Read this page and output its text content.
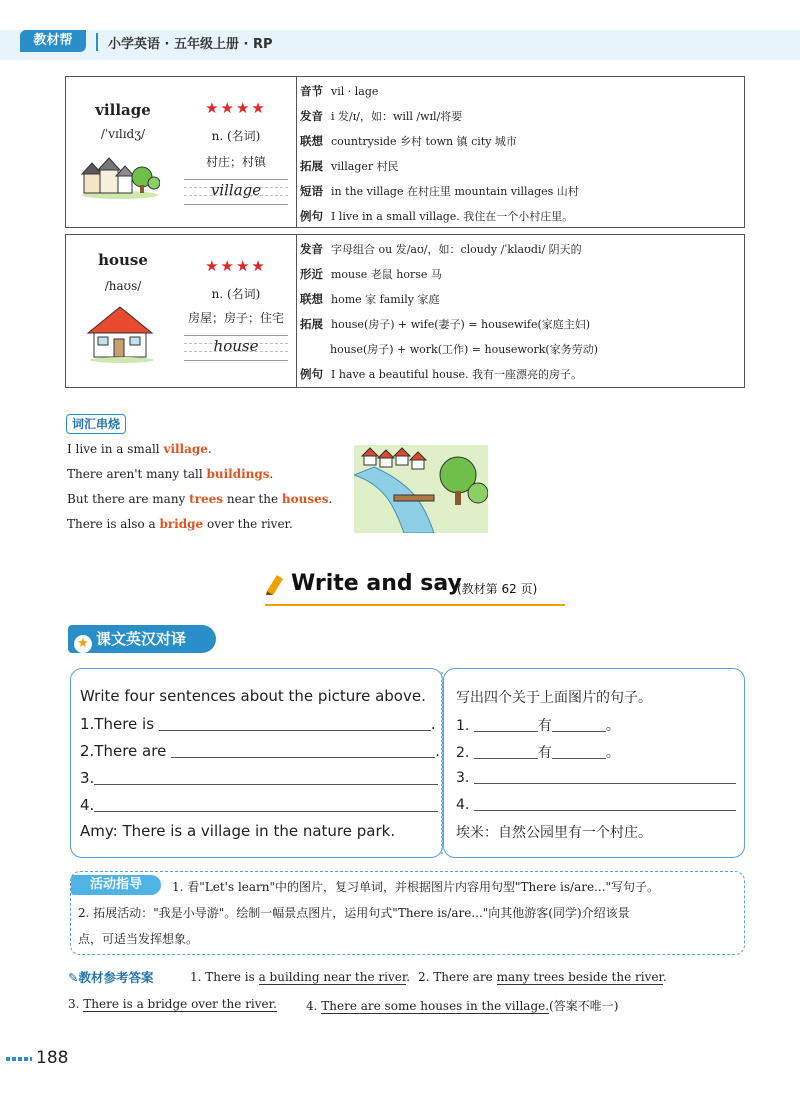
教材帮	小学英语 · 五年级上册 · RP
village
/ˈvɪlɪdʒ/
★★★★
n. (名词)
村庄；村镇
village
音节 vil · lage
发音 i 发/ɪ/，如：will /wɪl/将要
联想 countryside 乡村 town 镇 city 城市
拓展 villager 村民
短语 in the village 在村庄里 mountain villages 山村
例句 I live in a small village. 我住在一个小村庄里。
house
/haʊs/
★★★★
n. (名词)
房屋；房子；住宅
house
发音 字母组合 ou 发/aʊ/，如：cloudy /ˈklaʊdi/ 阴天的
形近 mouse 老鼠 horse 马
联想 home 家 family 家庭
拓展 house(房子) + wife(妻子) = housewife(家庭主妇)
house(房子) + work(工作) = housework(家务劳动)
例句 I have a beautiful house. 我有一座漂亮的房子。
词汇串烧
I live in a small village.
There aren't many tall buildings.
But there are many trees near the houses.
There is also a bridge over the river.
Write and say
(教材第 62 页)
★ 课文英汉对译
Write four sentences about the picture above.
1.There is	.
2.There are	.
3.
4.
Amy: There is a village in the nature park.
写出四个关于上面图片的句子。
1.	有	。
2.	有	。
3.
4.
埃米：自然公园里有一个村庄。
活动指导	1. 看"Let's learn"中的图片，复习单词，并根据图片内容用句型"There is/are..."写句子。
2. 拓展活动："我是小导游"。绘制一幅景点图片，运用句式"There is/are..."向其他游客(同学)介绍该景
点，可适当发挥想象。
✎教材参考答案	1. There is a building near the river. 2. There are many trees beside the river.
3. There is a bridge over the river. 4. There are some houses in the village.(答案不唯一)
188
